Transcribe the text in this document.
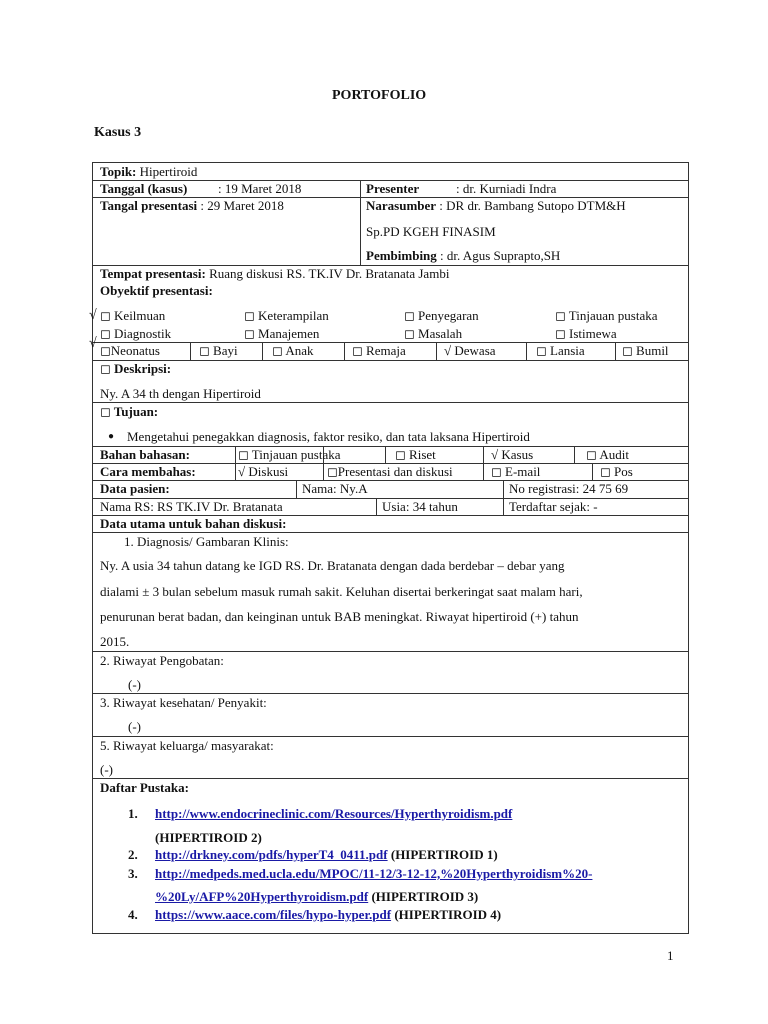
PORTOFOLIO
Kasus 3
Topik: Hipertiroid
Tanggal (kasus) : 19 Maret 2018	Presenter	: dr. Kurniadi Indra
Tangal presentasi : 29 Maret 2018	Narasumber : DR dr. Bambang Sutopo DTM&H
Sp.PD KGEH FINASIM
Pembimbing : dr. Agus Suprapto,SH
Tempat presentasi: Ruang diskusi RS. TK.IV Dr. Bratanata Jambi
Obyektif presentasi:
√
√
◻ Keilmuan	◻ Keterampilan	◻ Penyegaran	◻ Tinjauan pustaka
◻ Diagnostik	◻ Manajemen	◻ Masalah	◻ Istimewa
◻Neonatus	◻ Bayi	◻ Anak	◻ Remaja	√ Dewasa	◻ Lansia	◻ Bumil
◻ Deskripsi:
Ny. A 34 th dengan Hipertiroid
◻ Tujuan:
● Mengetahui penegakkan diagnosis, faktor resiko, dan tata laksana Hipertiroid
Bahan bahasan:	◻ Tinjauan pustaka	◻ Riset	√ Kasus	◻ Audit
Cara membahas:	√ Diskusi	◻Presentasi dan diskusi	◻ E-mail	◻ Pos
Data pasien:	Nama: Ny.A	No registrasi: 24 75 69
Nama RS: RS TK.IV Dr. Bratanata	Usia: 34 tahun	Terdaftar sejak: -
Data utama untuk bahan diskusi:
1. Diagnosis/ Gambaran Klinis:
Ny. A usia 34 tahun datang ke IGD RS. Dr. Bratanata dengan dada berdebar – debar yang
dialami ± 3 bulan sebelum masuk rumah sakit. Keluhan disertai berkeringat saat malam hari,
penurunan berat badan, dan keinginan untuk BAB meningkat. Riwayat hipertiroid (+) tahun
2015.
2. Riwayat Pengobatan:
(-)
3. Riwayat kesehatan/ Penyakit:
(-)
5. Riwayat keluarga/ masyarakat:
(-)
Daftar Pustaka:
1. http://www.endocrineclinic.com/Resources/Hyperthyroidism.pdf
(HIPERTIROID 2)
2. http://drkney.com/pdfs/hyperT4_0411.pdf (HIPERTIROID 1)
3. http://medpeds.med.ucla.edu/MPOC/11-12/3-12-12,%20Hyperthyroidism%20-
%20Ly/AFP%20Hyperthyroidism.pdf (HIPERTIROID 3)
4. https://www.aace.com/files/hypo-hyper.pdf (HIPERTIROID 4)
1
